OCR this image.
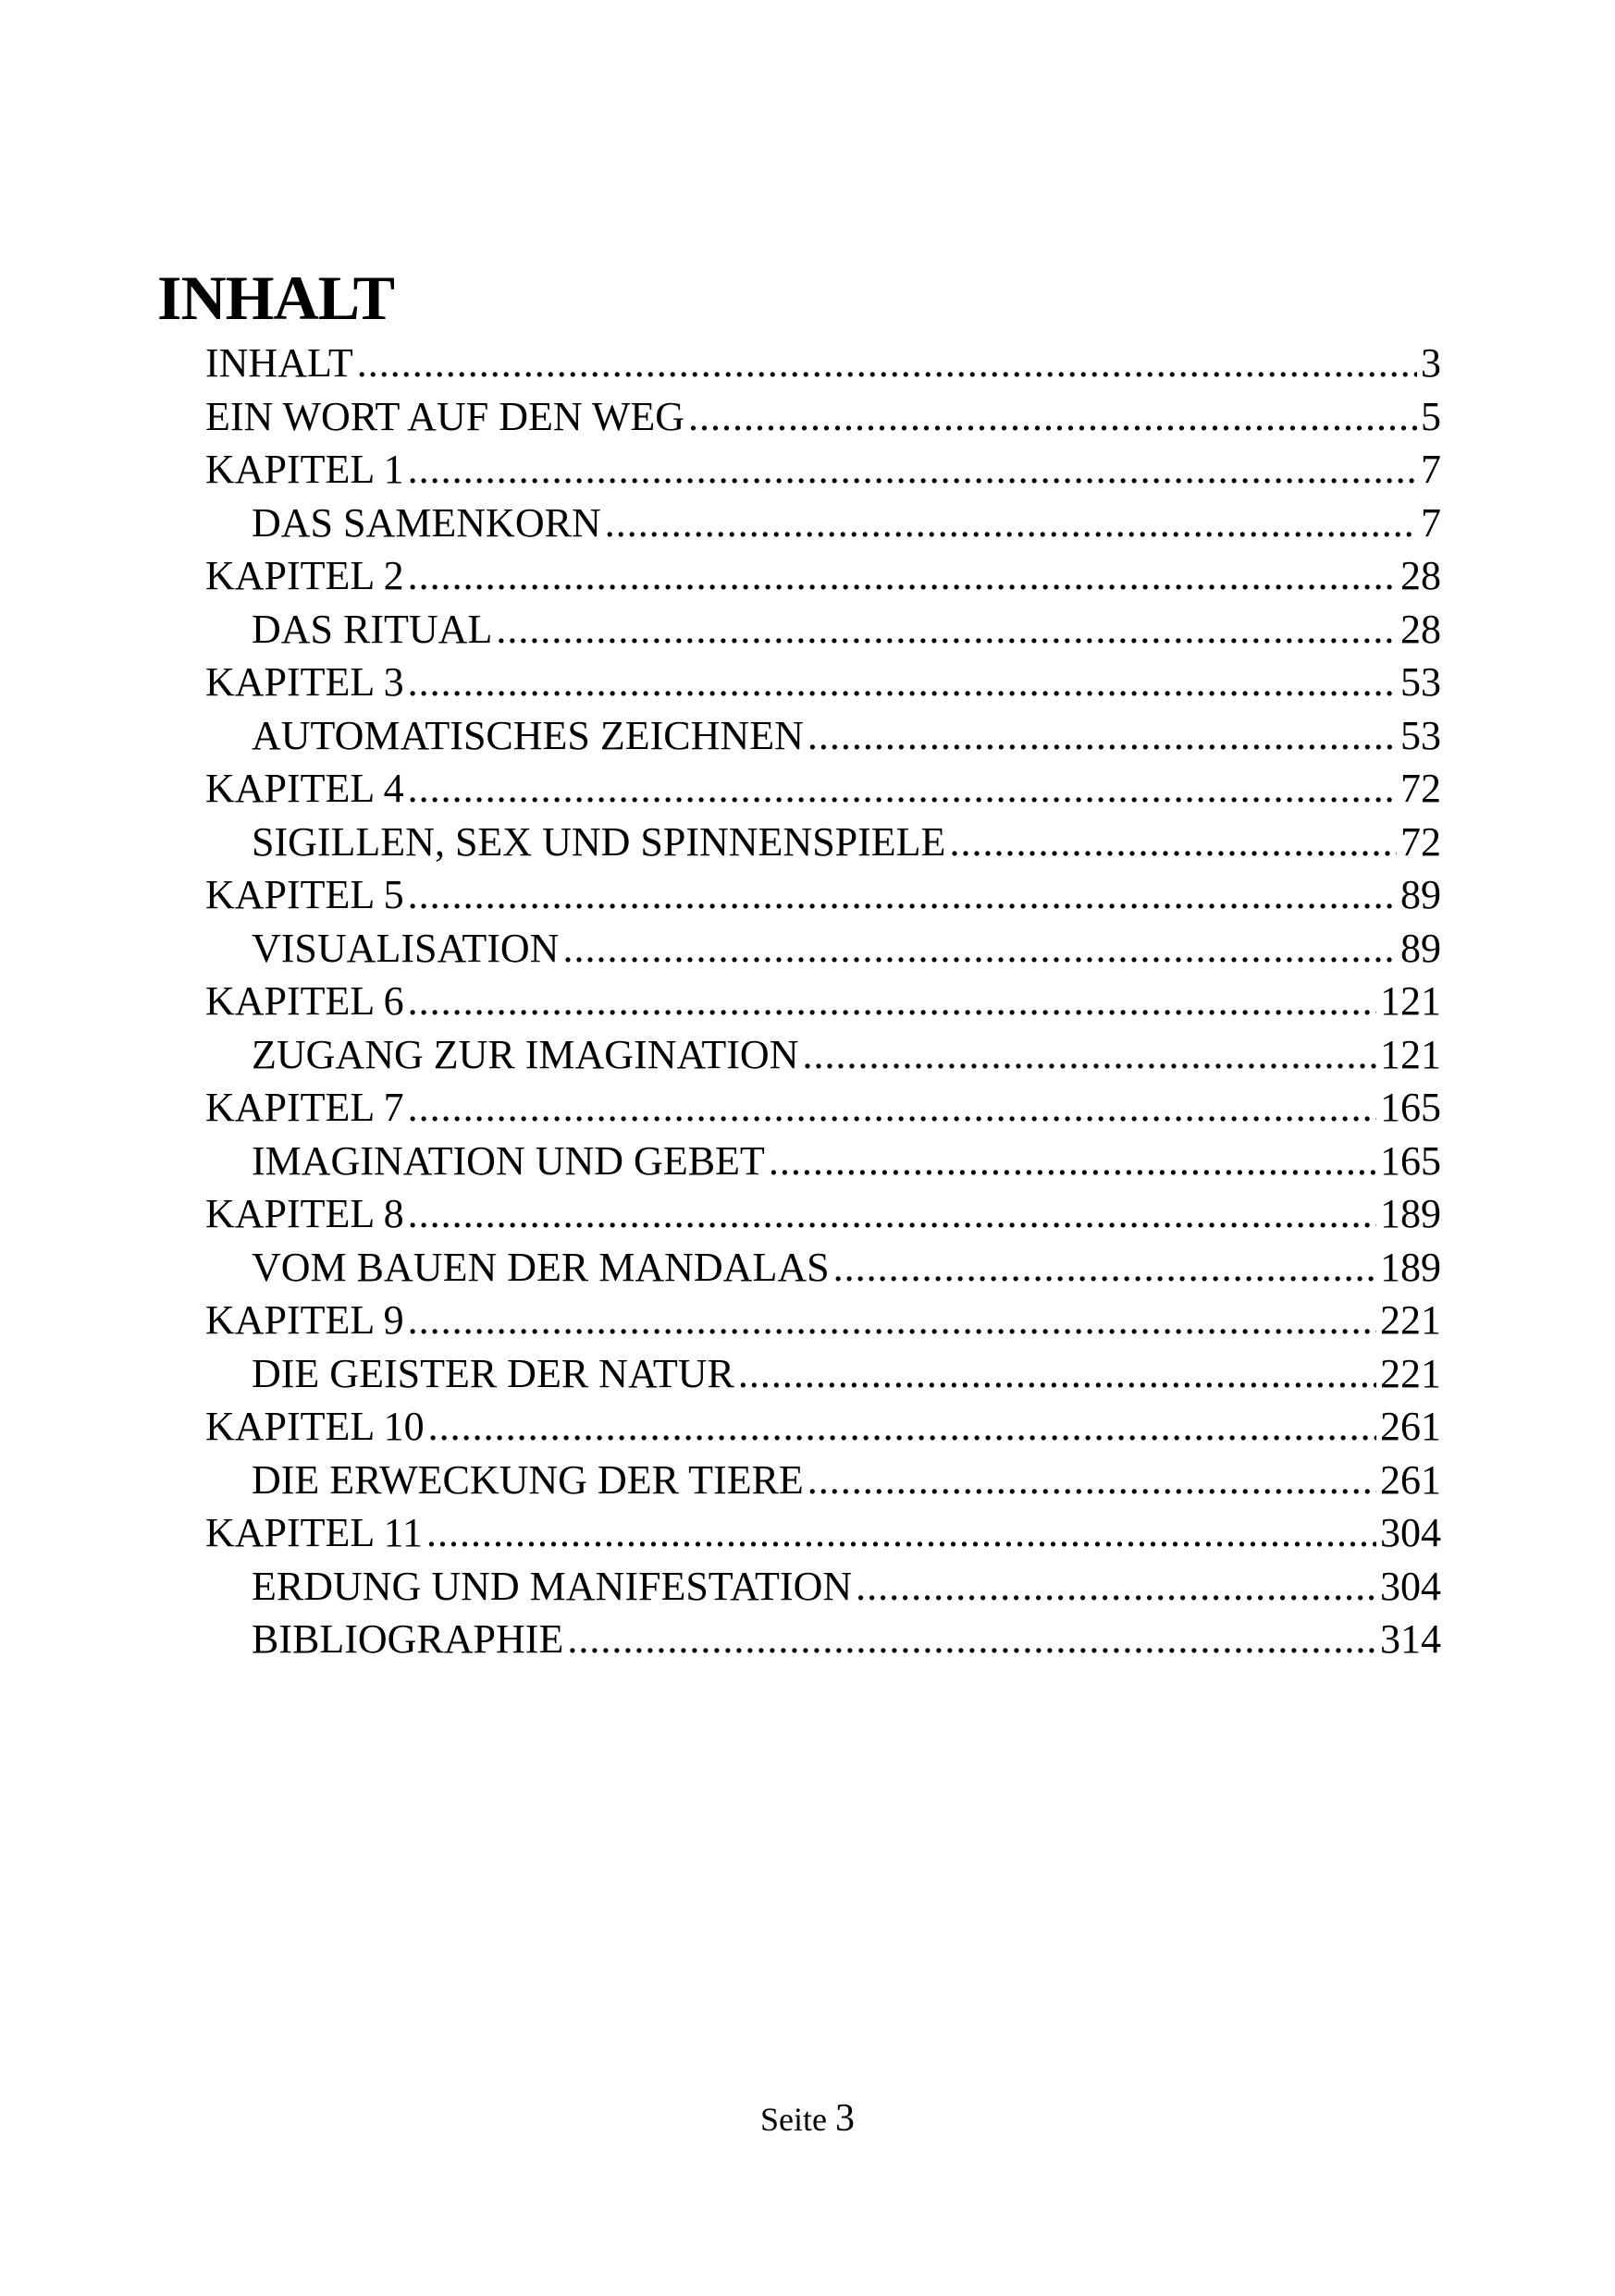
INHALT
INHALT .....	3
EIN WORT AUF DEN WEG .....	5
KAPITEL 1 .....	7
DAS SAMENKORN .....	7
KAPITEL 2 .....	28
DAS RITUAL .....	28
KAPITEL 3 .....	53
AUTOMATISCHES ZEICHNEN .....	53
KAPITEL 4 .....	72
SIGILLEN, SEX UND SPINNENSPIELE .....	72
KAPITEL 5 .....	89
VISUALISATION .....	89
KAPITEL 6 .....	121
ZUGANG ZUR IMAGINATION .....	121
KAPITEL 7 .....	165
IMAGINATION UND GEBET .....	165
KAPITEL 8 .....	189
VOM BAUEN DER MANDALAS .....	189
KAPITEL 9 .....	221
DIE GEISTER DER NATUR .....	221
KAPITEL 10 .....	261
DIE ERWECKUNG DER TIERE .....	261
KAPITEL 11 .....	304
ERDUNG UND MANIFESTATION .....	304
BIBLIOGRAPHIE .....	314
Seite 3
